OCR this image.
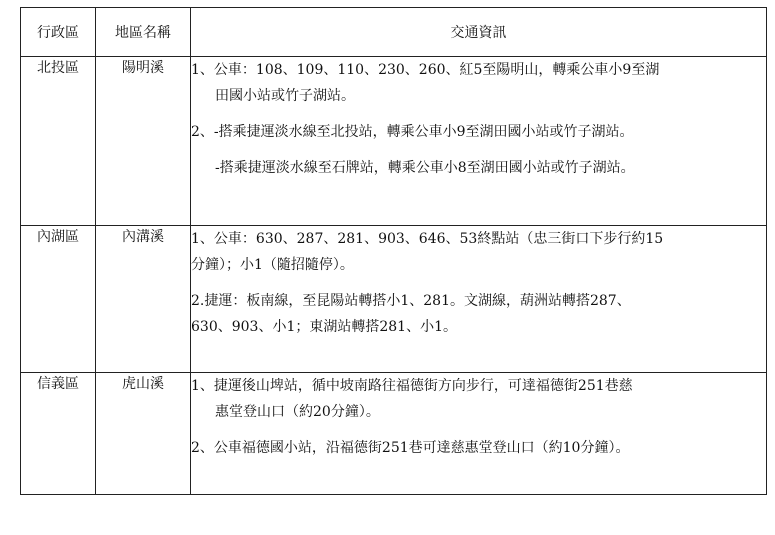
行政區	地區名稱	交通資訊
北投區	陽明溪	1、公車：108、109、110、230、260、紅5至陽明山，轉乘公車小9至湖
田國小站或竹子湖站。
2、-搭乘捷運淡水線至北投站，轉乘公車小9至湖田國小站或竹子湖站。
-搭乘捷運淡水線至石牌站，轉乘公車小8至湖田國小站或竹子湖站。

內湖區	內溝溪	1、公車：630、287、281、903、646、53終點站（忠三街口下步行約15
分鐘）；小1（隨招隨停）。
2.捷運：板南線，至昆陽站轉搭小1、281。文湖線，葫洲站轉搭287、
630、903、小1；東湖站轉搭281、小1。

信義區	虎山溪	1、捷運後山埤站，循中坡南路往福德街方向步行，可達福德街251巷慈
惠堂登山口（約20分鐘）。
2、公車福德國小站，沿福德街251巷可達慈惠堂登山口（約10分鐘）。
